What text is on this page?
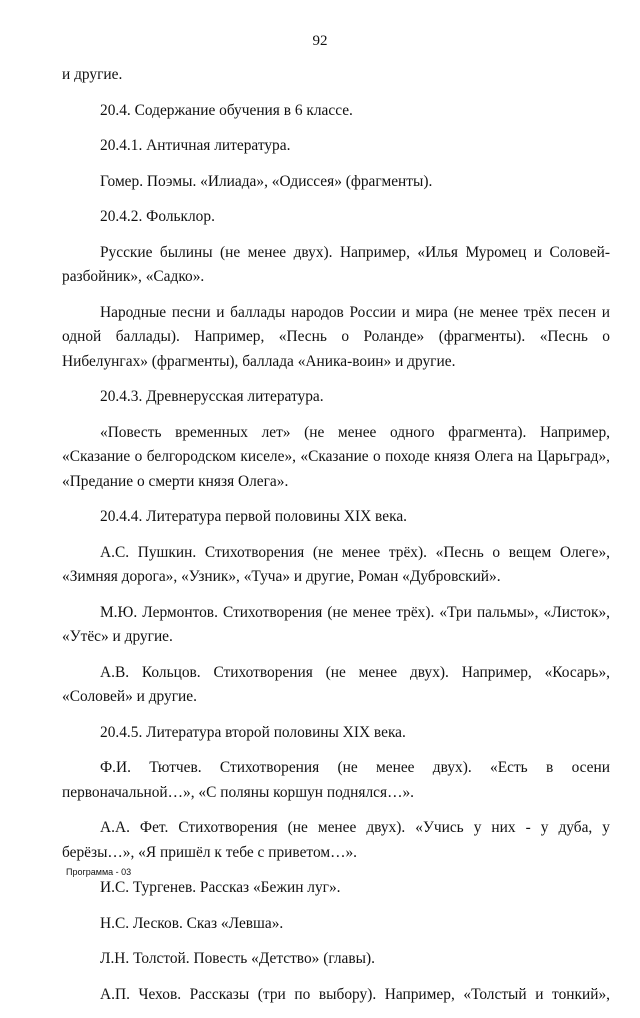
92

и другие.

20.4. Содержание обучения в 6 классе.

20.4.1. Античная литература.

Гомер. Поэмы. «Илиада», «Одиссея» (фрагменты).

20.4.2. Фольклор.

Русские былины (не менее двух). Например, «Илья Муромец и Соловей-разбойник», «Садко».

Народные песни и баллады народов России и мира (не менее трёх песен и одной баллады). Например, «Песнь о Роланде» (фрагменты). «Песнь о Нибелунгах» (фрагменты), баллада «Аника-воин» и другие.

20.4.3. Древнерусская литература.

«Повесть временных лет» (не менее одного фрагмента). Например, «Сказание о белгородском киселе», «Сказание о походе князя Олега на Царьград», «Предание о смерти князя Олега».

20.4.4. Литература первой половины XIX века.

А.С. Пушкин. Стихотворения (не менее трёх). «Песнь о вещем Олеге», «Зимняя дорога», «Узник», «Туча» и другие, Роман «Дубровский».

М.Ю. Лермонтов. Стихотворения (не менее трёх). «Три пальмы», «Листок», «Утёс» и другие.

А.В. Кольцов. Стихотворения (не менее двух). Например, «Косарь», «Соловей» и другие.

20.4.5. Литература второй половины XIX века.

Ф.И. Тютчев. Стихотворения (не менее двух). «Есть в осени первоначальной…», «С поляны коршун поднялся…».

А.А. Фет. Стихотворения (не менее двух). «Учись у них - у дуба, у берёзы…», «Я пришёл к тебе с приветом…».

И.С. Тургенев. Рассказ «Бежин луг».

Н.С. Лесков. Сказ «Левша».

Л.Н. Толстой. Повесть «Детство» (главы).

А.П. Чехов. Рассказы (три по выбору). Например, «Толстый и тонкий»,

Программа - 03
